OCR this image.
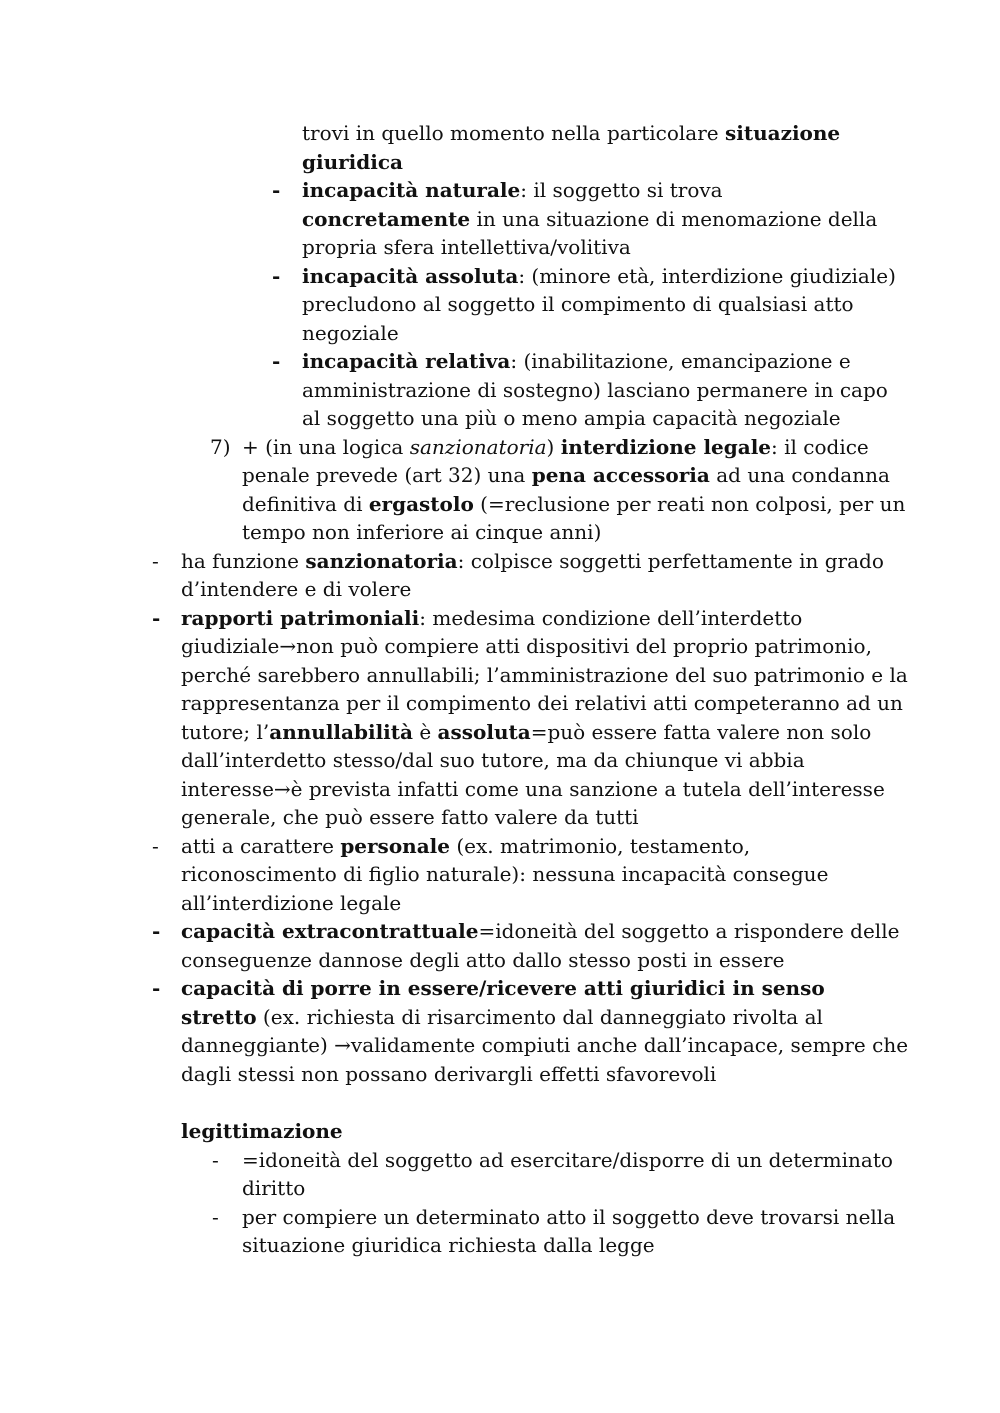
trovi in quello momento nella particolare situazione
giuridica
- incapacità naturale: il soggetto si trova
concretamente in una situazione di menomazione della
propria sfera intellettiva/volitiva
- incapacità assoluta: (minore età, interdizione giudiziale)
precludono al soggetto il compimento di qualsiasi atto
negoziale
- incapacità relativa: (inabilitazione, emancipazione e
amministrazione di sostegno) lasciano permanere in capo
al soggetto una più o meno ampia capacità negoziale
7) + (in una logica sanzionatoria) interdizione legale: il codice
penale prevede (art 32) una pena accessoria ad una condanna
definitiva di ergastolo (=reclusione per reati non colposi, per un
tempo non inferiore ai cinque anni)
- ha funzione sanzionatoria: colpisce soggetti perfettamente in grado
d’intendere e di volere
- rapporti patrimoniali: medesima condizione dell’interdetto
giudiziale→non può compiere atti dispositivi del proprio patrimonio,
perché sarebbero annullabili; l’amministrazione del suo patrimonio e la
rappresentanza per il compimento dei relativi atti competeranno ad un
tutore; l’annullabilità è assoluta=può essere fatta valere non solo
dall’interdetto stesso/dal suo tutore, ma da chiunque vi abbia
interesse→è prevista infatti come una sanzione a tutela dell’interesse
generale, che può essere fatto valere da tutti
- atti a carattere personale (ex. matrimonio, testamento,
riconoscimento di figlio naturale): nessuna incapacità consegue
all’interdizione legale
- capacità extracontrattuale=idoneità del soggetto a rispondere delle
conseguenze dannose degli atto dallo stesso posti in essere
- capacità di porre in essere/ricevere atti giuridici in senso
stretto (ex. richiesta di risarcimento dal danneggiato rivolta al
danneggiante) →validamente compiuti anche dall’incapace, sempre che
dagli stessi non possano derivargli effetti sfavorevoli
legittimazione
- =idoneità del soggetto ad esercitare/disporre di un determinato
diritto
- per compiere un determinato atto il soggetto deve trovarsi nella
situazione giuridica richiesta dalla legge
